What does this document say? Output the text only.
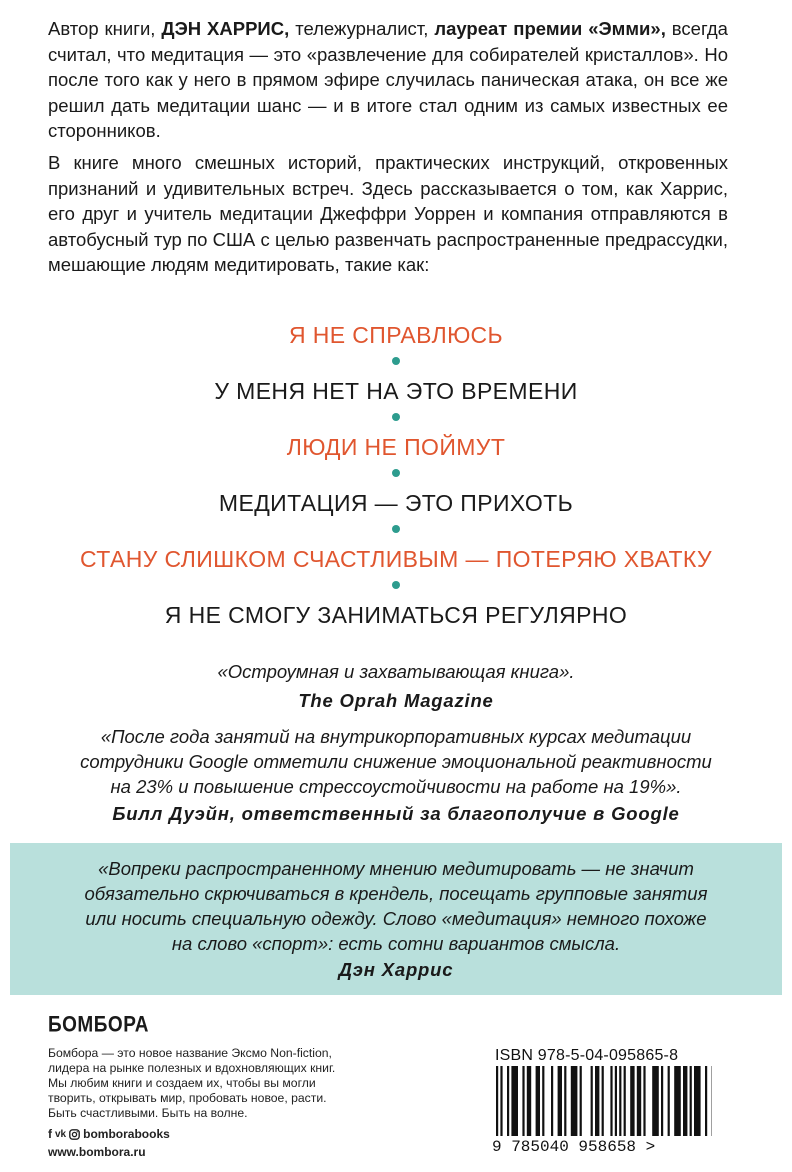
Автор книги, ДЭН ХАРРИС, тележурналист, лауреат премии «Эмми», всегда считал, что медитация — это «развлечение для собирателей кристаллов». Но после того как у него в прямом эфире случилась паническая атака, он все же решил дать медитации шанс — и в итоге стал одним из самых известных ее сторонников.

В книге много смешных историй, практических инструкций, откровенных признаний и удивительных встреч. Здесь рассказывается о том, как Харрис, его друг и учитель медитации Джеффри Уоррен и компания отправляются в автобусный тур по США с целью развенчать распространенные предрассудки, мешающие людям медитировать, такие как:

Я НЕ СПРАВЛЮСЬ
У МЕНЯ НЕТ НА ЭТО ВРЕМЕНИ
ЛЮДИ НЕ ПОЙМУТ
МЕДИТАЦИЯ — ЭТО ПРИХОТЬ
СТАНУ СЛИШКОМ СЧАСТЛИВЫМ — ПОТЕРЯЮ ХВАТКУ
Я НЕ СМОГУ ЗАНИМАТЬСЯ РЕГУЛЯРНО

«Остроумная и захватывающая книга».

The Oprah Magazine

«После года занятий на внутрикорпоративных курсах медитации
сотрудники Google отметили снижение эмоциональной реактивности
на 23% и повышение стрессоустойчивости на работе на 19%».

Билл Дуэйн, ответственный за благополучие в Google

«Вопреки распространенному мнению медитировать — не значит
обязательно скрючиваться в крендель, посещать групповые занятия
или носить специальную одежду. Слово «медитация» немного похоже
на слово «спорт»: есть сотни вариантов смысла.

Дэн Харрис

БОМБОРА
Бомбора — это новое название Эксмо Non-fiction,
лидера на рынке полезных и вдохновляющих книг.
Мы любим книги и создаем их, чтобы вы могли
творить, открывать мир, пробовать новое, расти.
Быть счастливыми. Быть на волне.
f vk bomborabooks
www.bombora.ru
ISBN 978-5-04-095865-8
9 785040 958658 >
